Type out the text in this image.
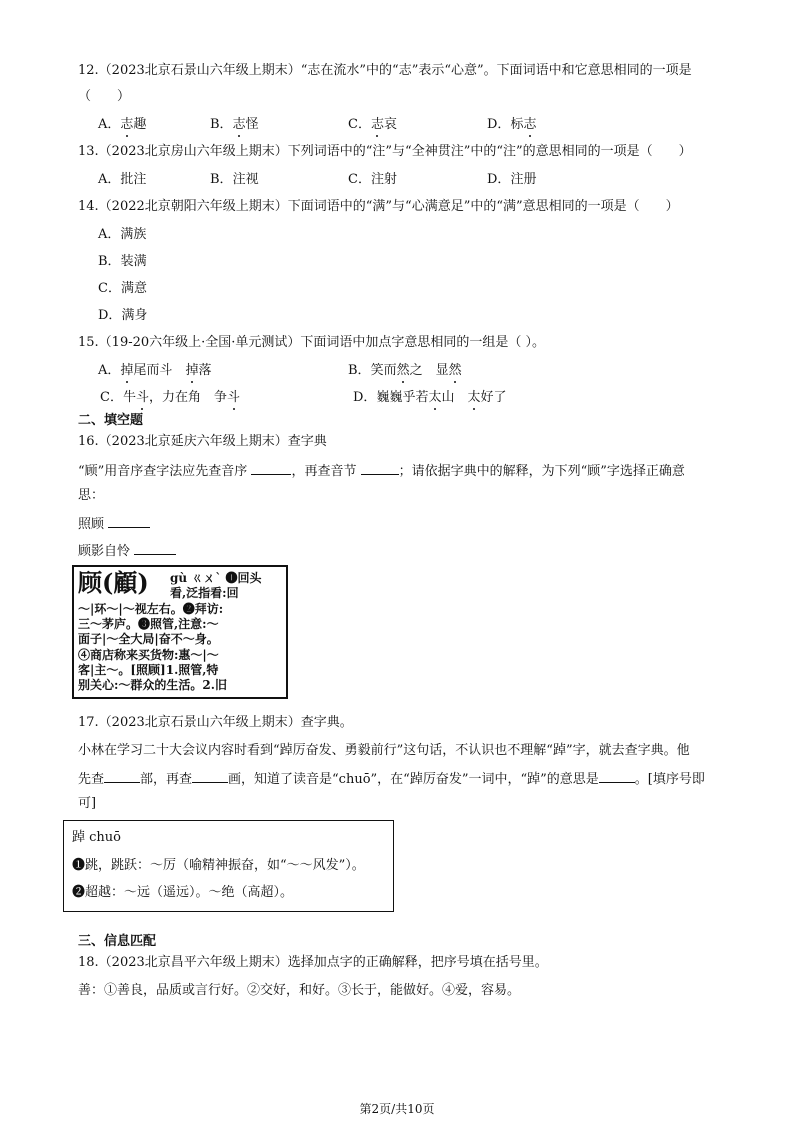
12.（2023北京石景山六年级上期末）“志在流水”中的“志”表示“心意”。下面词语中和它意思相同的一项是
（　　）
A．志趣	B．志怪	C．志哀	D．标志
13.（2023北京房山六年级上期末）下列词语中的“注”与“全神贯注”中的“注”的意思相同的一项是（　　）
A．批注	B．注视	C．注射	D．注册
14.（2022北京朝阳六年级上期末）下面词语中的“满”与“心满意足”中的“满”意思相同的一项是（　　）
A．满族
B．装满
C．满意
D．满身
15.（19-20六年级上·全国·单元测试）下面词语中加点字意思相同的一组是（ ）。
A．掉尾而斗　 掉落	B．笑而然之　 显然
C．牛斗，力在角　 争斗	D．巍巍乎若太山　 太好了
二、填空题
16.（2023北京延庆六年级上期末）查字典
“顾”用音序查字法应先查音序	，再查音节	；请依据字典中的解释，为下列“顾”字选择正确意
思：
照顾
顾影自怜
顾(顧) gù ㄍㄨˋ ❶回头
看,泛指看:回
～|环～|～视左右。❷拜访:
三～茅庐。❸照管,注意:～
面子|～全大局|奋不～身。
④商店称来买货物:惠～|～
客|主～。[照顾]1.照管,特
别关心:～群众的生活。2.旧
17.（2023北京石景山六年级上期末）查字典。
小林在学习二十大会议内容时看到“踔厉奋发、勇毅前行”这句话，不认识也不理解“踔”字，就去查字典。他
先查	部，再查	画，知道了读音是“chuō”，在“踔厉奋发”一词中，“踔”的意思是	。[填序号即
可]
踔 chuō
❶跳，跳跃：～厉（喻精神振奋，如“～～风发”）。
❷超越：～远（遥远）。～绝（高超）。
三、信息匹配
18.（2023北京昌平六年级上期末）选择加点字的正确解释，把序号填在括号里。
善：①善良，品质或言行好。②交好，和好。③长于，能做好。④爱，容易。
第2页/共10页
